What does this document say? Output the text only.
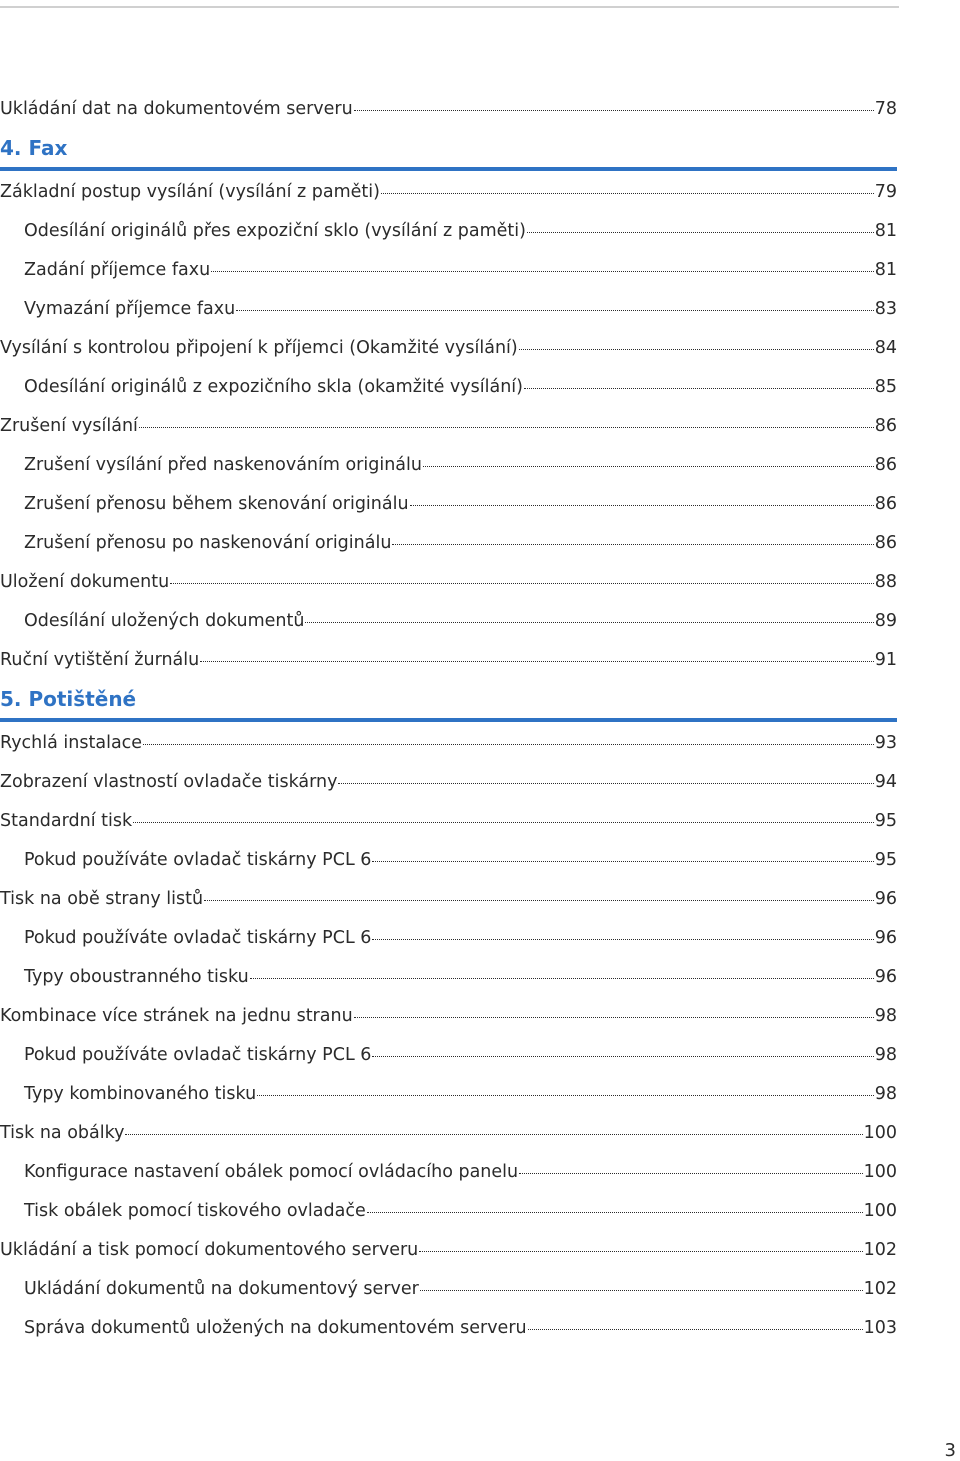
Ukládání dat na dokumentovém serveru	78
4. Fax
Základní postup vysílání (vysílání z paměti)	79
Odesílání originálů přes expoziční sklo (vysílání z paměti)	81
Zadání příjemce faxu	81
Vymazání příjemce faxu	83
Vysílání s kontrolou připojení k příjemci (Okamžité vysílání)	84
Odesílání originálů z expozičního skla (okamžité vysílání)	85
Zrušení vysílání	86
Zrušení vysílání před naskenováním originálu	86
Zrušení přenosu během skenování originálu	86
Zrušení přenosu po naskenování originálu	86
Uložení dokumentu	88
Odesílání uložených dokumentů	89
Ruční vytištění žurnálu	91
5. Potištěné
Rychlá instalace	93
Zobrazení vlastností ovladače tiskárny	94
Standardní tisk	95
Pokud používáte ovladač tiskárny PCL 6	95
Tisk na obě strany listů	96
Pokud používáte ovladač tiskárny PCL 6	96
Typy oboustranného tisku	96
Kombinace více stránek na jednu stranu	98
Pokud používáte ovladač tiskárny PCL 6	98
Typy kombinovaného tisku	98
Tisk na obálky	100
Konfigurace nastavení obálek pomocí ovládacího panelu	100
Tisk obálek pomocí tiskového ovladače	100
Ukládání a tisk pomocí dokumentového serveru	102
Ukládání dokumentů na dokumentový server	102
Správa dokumentů uložených na dokumentovém serveru	103
3
